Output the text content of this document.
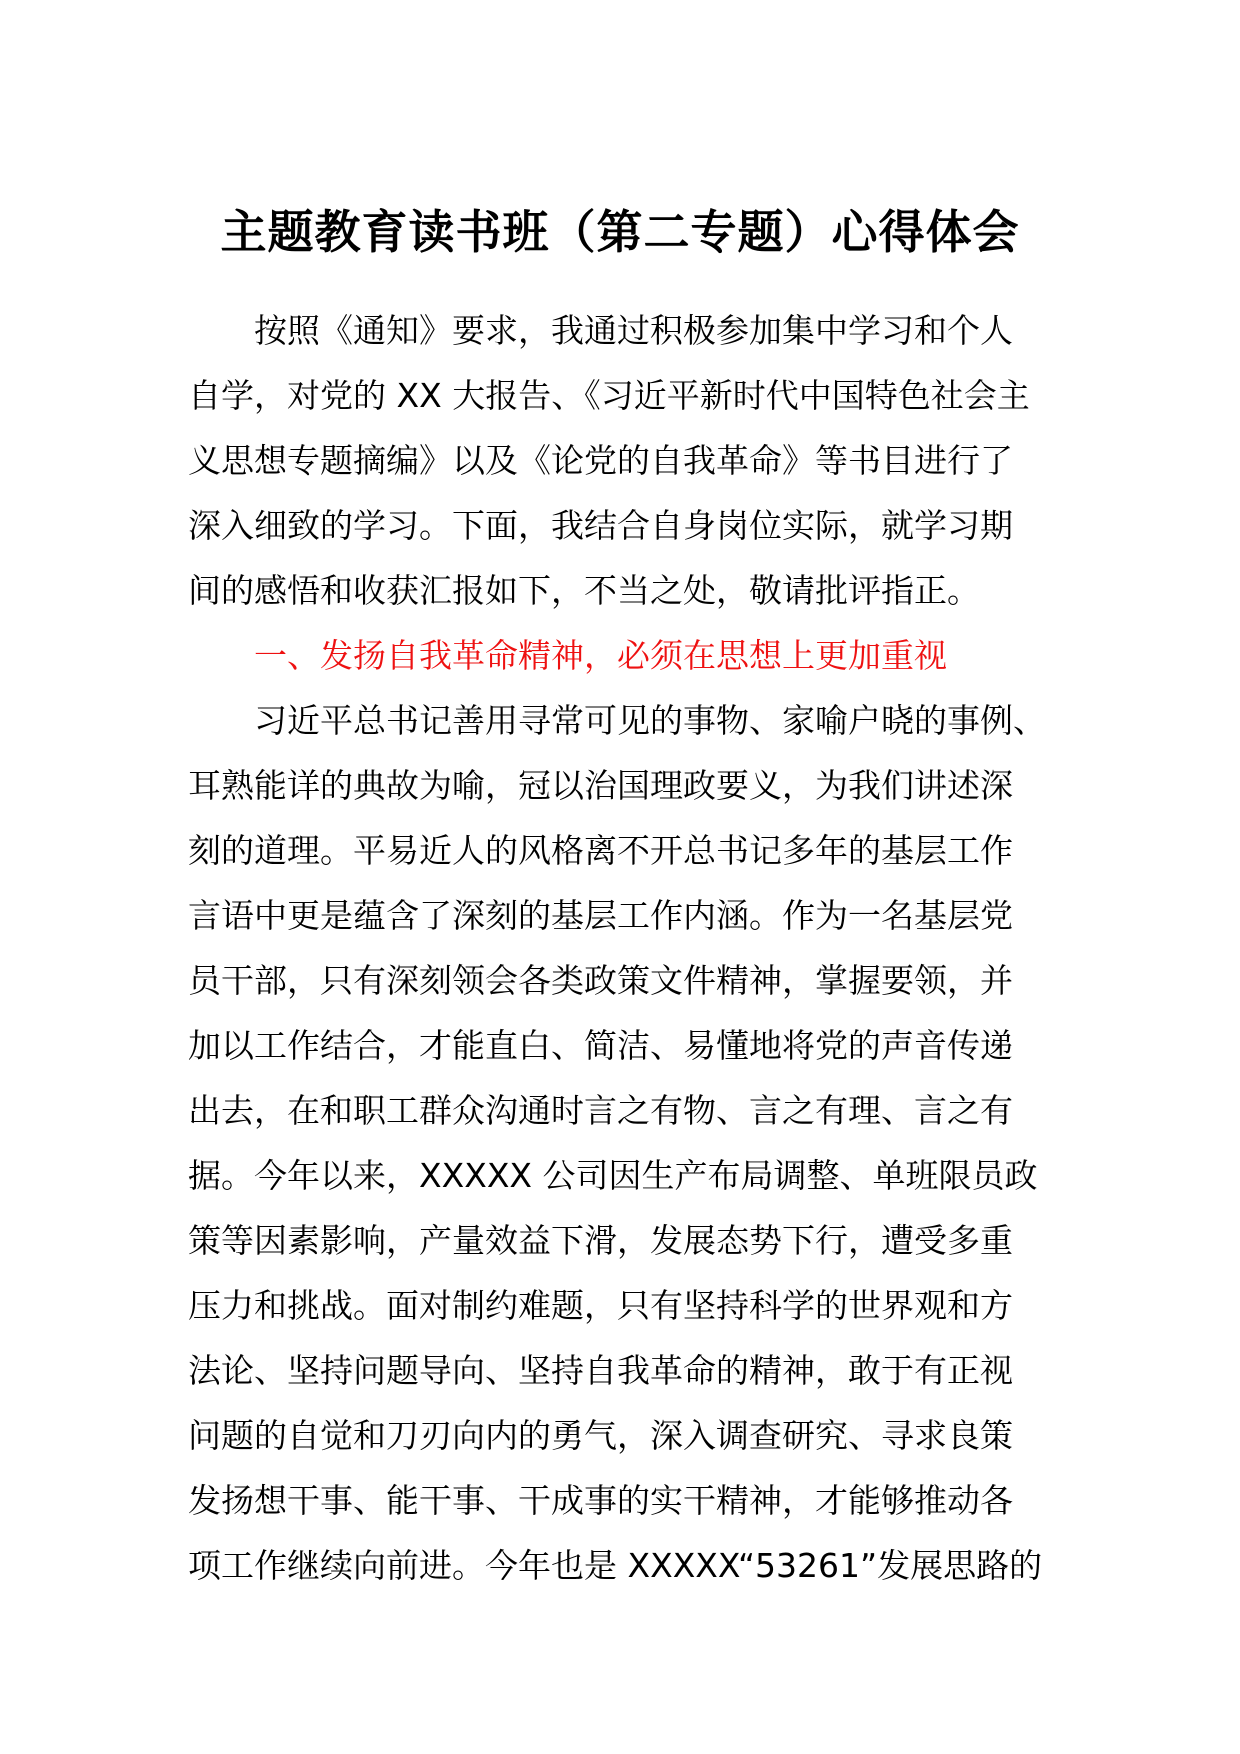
主题教育读书班（第二专题）心得体会
按照《通知》要求，我通过积极参加集中学习和个人
自学，对党的 XX 大报告、《习近平新时代中国特色社会主
义思想专题摘编》以及《论党的自我革命》等书目进行了
深入细致的学习。下面，我结合自身岗位实际，就学习期
间的感悟和收获汇报如下，不当之处，敬请批评指正。
一、发扬自我革命精神，必须在思想上更加重视
习近平总书记善用寻常可见的事物、家喻户晓的事例、
耳熟能详的典故为喻，冠以治国理政要义，为我们讲述深
刻的道理。平易近人的风格离不开总书记多年的基层工作
言语中更是蕴含了深刻的基层工作内涵。作为一名基层党
员干部，只有深刻领会各类政策文件精神，掌握要领，并
加以工作结合，才能直白、简洁、易懂地将党的声音传递
出去，在和职工群众沟通时言之有物、言之有理、言之有
据。今年以来，XXXXX 公司因生产布局调整、单班限员政
策等因素影响，产量效益下滑，发展态势下行，遭受多重
压力和挑战。面对制约难题，只有坚持科学的世界观和方
法论、坚持问题导向、坚持自我革命的精神，敢于有正视
问题的自觉和刀刃向内的勇气，深入调查研究、寻求良策
发扬想干事、能干事、干成事的实干精神，才能够推动各
项工作继续向前进。今年也是 XXXXX“53261”发展思路的
